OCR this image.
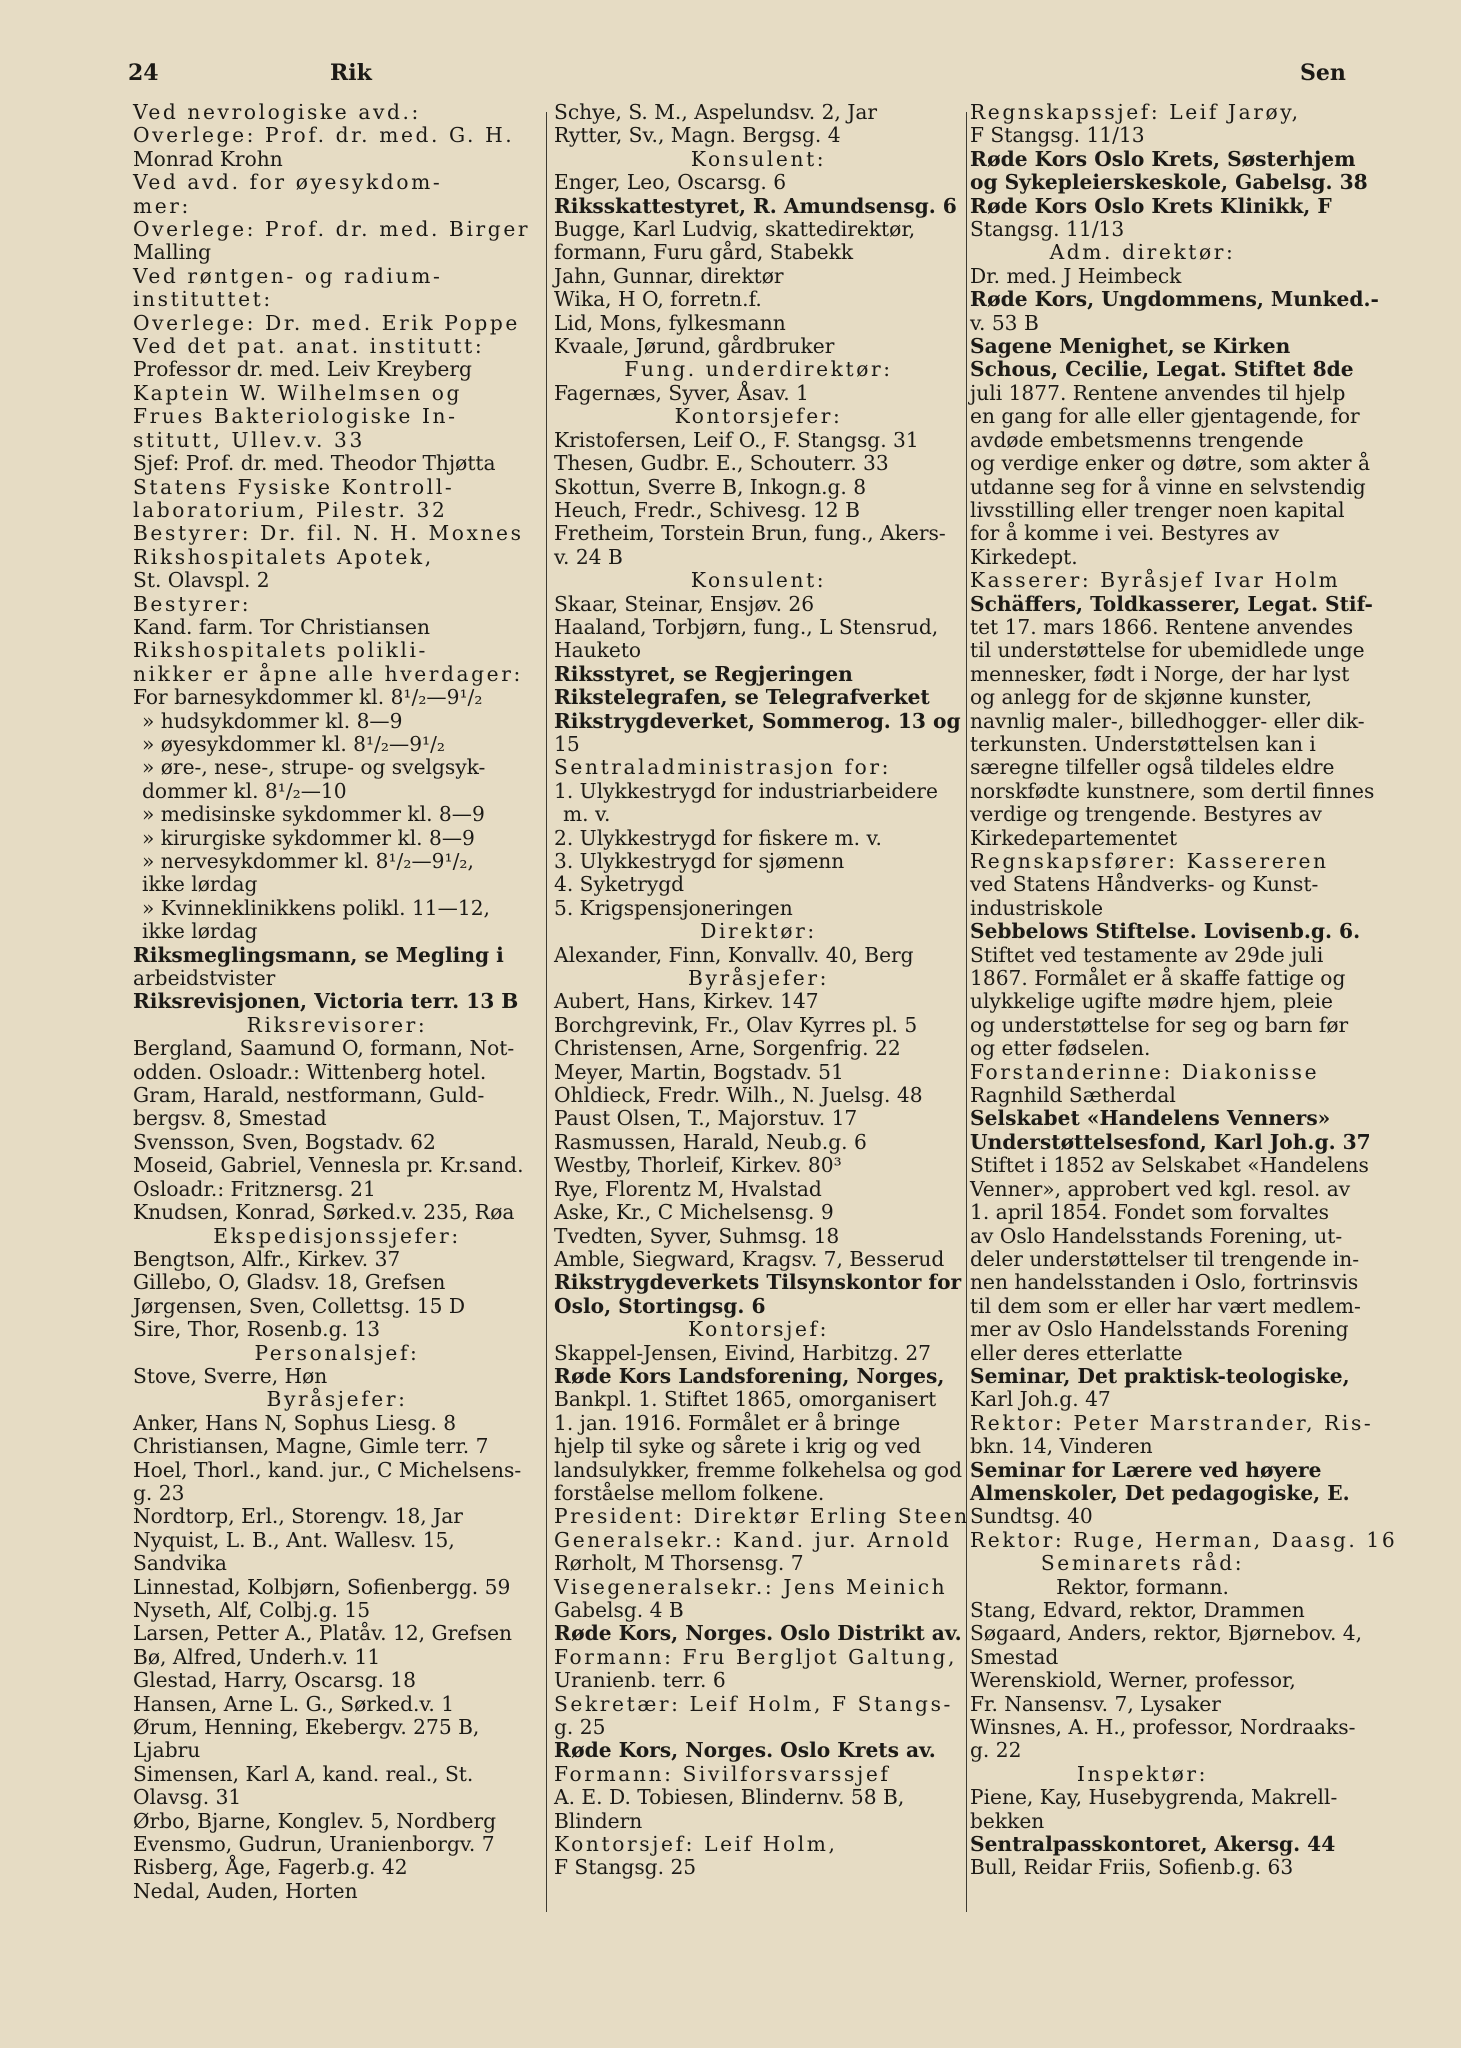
24	Rik	Sen
Ved nevrologiske avd.:
Overlege: Prof. dr. med. G. H.
Monrad Krohn
Ved avd. for øyesykdom-
mer:
Overlege: Prof. dr. med. Birger
Malling
Ved røntgen- og radium-
instituttet:
Overlege: Dr. med. Erik Poppe
Ved det pat. anat. institutt:
Professor dr. med. Leiv Kreyberg
Kaptein W. Wilhelmsen og
Frues Bakteriologiske In-
stitutt, Ullev.v. 33
Sjef: Prof. dr. med. Theodor Thjøtta
Statens Fysiske Kontroll-
laboratorium, Pilestr. 32
Bestyrer: Dr. fil. N. H. Moxnes
Rikshospitalets Apotek,
St. Olavspl. 2
Bestyrer:
Kand. farm. Tor Christiansen
Rikshospitalets polikli-
nikker er åpne alle hverdager:
For barnesykdommer kl. 8¹/₂—9¹/₂
» hudsykdommer kl. 8—9
» øyesykdommer kl. 8¹/₂—9¹/₂
» øre-, nese-, strupe- og svelgsyk-
dommer kl. 8¹/₂—10
» medisinske sykdommer kl. 8—9
» kirurgiske sykdommer kl. 8—9
» nervesykdommer kl. 8¹/₂—9¹/₂,
ikke lørdag
» Kvinneklinikkens polikl. 11—12,
ikke lørdag
Riksmeglingsmann, se Megling i
arbeidstvister
Riksrevisjonen, Victoria terr. 13 B
Riksrevisorer:
Bergland, Saamund O, formann, Not-
odden. Osloadr.: Wittenberg hotel.
Gram, Harald, nestformann, Guld-
bergsv. 8, Smestad
Svensson, Sven, Bogstadv. 62
Moseid, Gabriel, Vennesla pr. Kr.sand.
Osloadr.: Fritznersg. 21
Knudsen, Konrad, Sørked.v. 235, Røa
Ekspedisjonssjefer:
Bengtson, Alfr., Kirkev. 37
Gillebo, O, Gladsv. 18, Grefsen
Jørgensen, Sven, Collettsg. 15 D
Sire, Thor, Rosenb.g. 13
Personalsjef:
Stove, Sverre, Høn
Byråsjefer:
Anker, Hans N, Sophus Liesg. 8
Christiansen, Magne, Gimle terr. 7
Hoel, Thorl., kand. jur., C Michelsens-
g. 23
Nordtorp, Erl., Storengv. 18, Jar
Nyquist, L. B., Ant. Wallesv. 15,
Sandvika
Linnestad, Kolbjørn, Sofienbergg. 59
Nyseth, Alf, Colbj.g. 15
Larsen, Petter A., Platåv. 12, Grefsen
Bø, Alfred, Underh.v. 11
Glestad, Harry, Oscarsg. 18
Hansen, Arne L. G., Sørked.v. 1
Ørum, Henning, Ekebergv. 275 B,
Ljabru
Simensen, Karl A, kand. real., St.
Olavsg. 31
Ørbo, Bjarne, Konglev. 5, Nordberg
Evensmo, Gudrun, Uranienborgv. 7
Risberg, Åge, Fagerb.g. 42
Nedal, Auden, Horten
Schye, S. M., Aspelundsv. 2, Jar
Rytter, Sv., Magn. Bergsg. 4
Konsulent:
Enger, Leo, Oscarsg. 6
Riksskattestyret, R. Amundsensg. 6
Bugge, Karl Ludvig, skattedirektør,
formann, Furu gård, Stabekk
Jahn, Gunnar, direktør
Wika, H O, forretn.f.
Lid, Mons, fylkesmann
Kvaale, Jørund, gårdbruker
Fung. underdirektør:
Fagernæs, Syver, Åsav. 1
Kontorsjefer:
Kristofersen, Leif O., F. Stangsg. 31
Thesen, Gudbr. E., Schouterr. 33
Skottun, Sverre B, Inkogn.g. 8
Heuch, Fredr., Schivesg. 12 B
Fretheim, Torstein Brun, fung., Akers-
v. 24 B
Konsulent:
Skaar, Steinar, Ensjøv. 26
Haaland, Torbjørn, fung., L Stensrud,
Hauketo
Riksstyret, se Regjeringen
Rikstelegrafen, se Telegrafverket
Rikstrygdeverket, Sommerog. 13 og
15
Sentraladministrasjon for:
1. Ulykkestrygd for industriarbeidere
m. v.
2. Ulykkestrygd for fiskere m. v.
3. Ulykkestrygd for sjømenn
4. Syketrygd
5. Krigspensjoneringen
Direktør:
Alexander, Finn, Konvallv. 40, Berg
Byråsjefer:
Aubert, Hans, Kirkev. 147
Borchgrevink, Fr., Olav Kyrres pl. 5
Christensen, Arne, Sorgenfrig. 22
Meyer, Martin, Bogstadv. 51
Ohldieck, Fredr. Wilh., N. Juelsg. 48
Paust Olsen, T., Majorstuv. 17
Rasmussen, Harald, Neub.g. 6
Westby, Thorleif, Kirkev. 80³
Rye, Florentz M, Hvalstad
Aske, Kr., C Michelsensg. 9
Tvedten, Syver, Suhmsg. 18
Amble, Siegward, Kragsv. 7, Besserud
Rikstrygdeverkets Tilsynskontor for
Oslo, Stortingsg. 6
Kontorsjef:
Skappel-Jensen, Eivind, Harbitzg. 27
Røde Kors Landsforening, Norges,
Bankpl. 1. Stiftet 1865, omorganisert
1. jan. 1916. Formålet er å bringe
hjelp til syke og sårete i krig og ved
landsulykker, fremme folkehelsa og god
forståelse mellom folkene.
President: Direktør Erling Steen
Generalsekr.: Kand. jur. Arnold
Rørholt, M Thorsensg. 7
Visegeneralsekr.: Jens Meinich
Gabelsg. 4 B
Røde Kors, Norges. Oslo Distrikt av.
Formann: Fru Bergljot Galtung,
Uranienb. terr. 6
Sekretær: Leif Holm, F Stangs-
g. 25
Røde Kors, Norges. Oslo Krets av.
Formann: Sivilforsvarssjef
A. E. D. Tobiesen, Blindernv. 58 B,
Blindern
Kontorsjef: Leif Holm,
F Stangsg. 25
Regnskapssjef: Leif Jarøy,
F Stangsg. 11/13
Røde Kors Oslo Krets, Søsterhjem
og Sykepleierskeskole, Gabelsg. 38
Røde Kors Oslo Krets Klinikk, F
Stangsg. 11/13
Adm. direktør:
Dr. med. J Heimbeck
Røde Kors, Ungdommens, Munked.-
v. 53 B
Sagene Menighet, se Kirken
Schous, Cecilie, Legat. Stiftet 8de
juli 1877. Rentene anvendes til hjelp
en gang for alle eller gjentagende, for
avdøde embetsmenns trengende
og verdige enker og døtre, som akter å
utdanne seg for å vinne en selvstendig
livsstilling eller trenger noen kapital
for å komme i vei. Bestyres av
Kirkedept.
Kasserer: Byråsjef Ivar Holm
Schäffers, Toldkasserer, Legat. Stif-
tet 17. mars 1866. Rentene anvendes
til understøttelse for ubemidlede unge
mennesker, født i Norge, der har lyst
og anlegg for de skjønne kunster,
navnlig maler-, billedhogger- eller dik-
terkunsten. Understøttelsen kan i
særegne tilfeller også tildeles eldre
norskfødte kunstnere, som dertil finnes
verdige og trengende. Bestyres av
Kirkedepartementet
Regnskapsfører: Kassereren
ved Statens Håndverks- og Kunst-
industriskole
Sebbelows Stiftelse. Lovisenb.g. 6.
Stiftet ved testamente av 29de juli
1867. Formålet er å skaffe fattige og
ulykkelige ugifte mødre hjem, pleie
og understøttelse for seg og barn før
og etter fødselen.
Forstanderinne: Diakonisse
Ragnhild Sætherdal
Selskabet «Handelens Venners»
Understøttelsesfond, Karl Joh.g. 37
Stiftet i 1852 av Selskabet «Handelens
Venner», approbert ved kgl. resol. av
1. april 1854. Fondet som forvaltes
av Oslo Handelsstands Forening, ut-
deler understøttelser til trengende in-
nen handelsstanden i Oslo, fortrinsvis
til dem som er eller har vært medlem-
mer av Oslo Handelsstands Forening
eller deres etterlatte
Seminar, Det praktisk-teologiske,
Karl Joh.g. 47
Rektor: Peter Marstrander, Ris-
bkn. 14, Vinderen
Seminar for Lærere ved høyere
Almenskoler, Det pedagogiske, E.
Sundtsg. 40
Rektor: Ruge, Herman, Daasg. 16
Seminarets råd:
Rektor, formann.
Stang, Edvard, rektor, Drammen
Søgaard, Anders, rektor, Bjørnebov. 4,
Smestad
Werenskiold, Werner, professor,
Fr. Nansensv. 7, Lysaker
Winsnes, A. H., professor, Nordraaks-
g. 22
Inspektør:
Piene, Kay, Husebygrenda, Makrell-
bekken
Sentralpasskontoret, Akersg. 44
Bull, Reidar Friis, Sofienb.g. 63
